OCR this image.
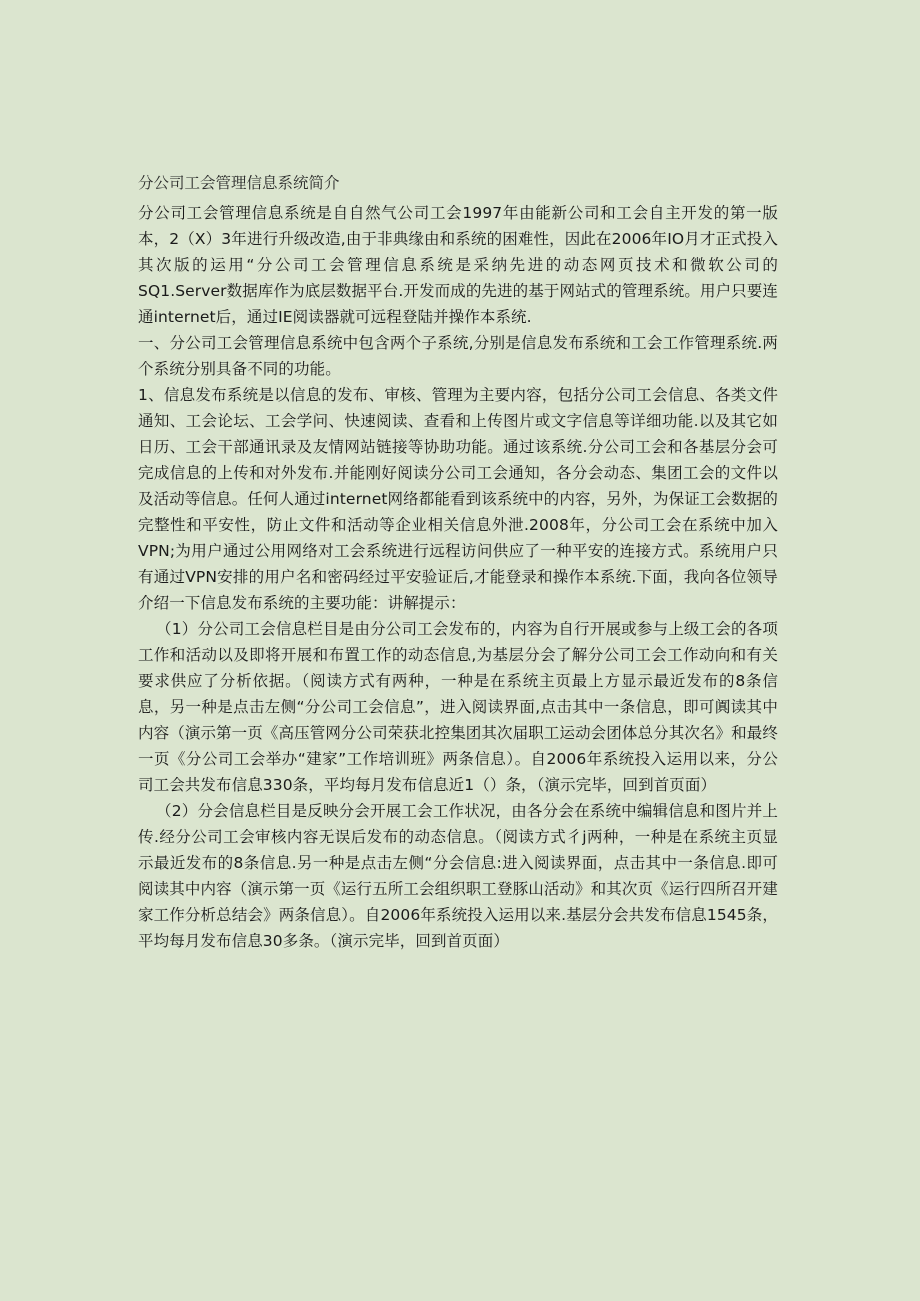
分公司工会管理信息系统简介

分公司工会管理信息系统是自自然气公司工会1997年由能新公司和工会自主开发的第一版本，2（X）3年进行升级改造,由于非典缘由和系统的困难性，因此在2006年IO月才正式投入其次版的运用“分公司工会管理信息系统是采纳先进的动态网页技术和微软公司的SQ1.Server数据库作为底层数据平台.开发而成的先进的基于网站式的管理系统。用户只要连通internet后，通过IE阅读器就可远程登陆并操作本系统.

一、分公司工会管理信息系统中包含两个子系统,分别是信息发布系统和工会工作管理系统.两个系统分别具备不同的功能。

1、信息发布系统是以信息的发布、审核、管理为主要内容，包括分公司工会信息、各类文件通知、工会论坛、工会学问、快速阅读、查看和上传图片或文字信息等详细功能.以及其它如日历、工会干部通讯录及友情网站链接等协助功能。通过该系统.分公司工会和各基层分会可完成信息的上传和对外发布.并能刚好阅读分公司工会通知，各分会动态、集团工会的文件以及活动等信息。任何人通过internet网络都能看到该系统中的内容，另外，为保证工会数据的完整性和平安性，防止文件和活动等企业相关信息外泄.2008年，分公司工会在系统中加入VPN;为用户通过公用网络对工会系统进行远程访问供应了一种平安的连接方式。系统用户只有通过VPN安排的用户名和密码经过平安验证后,才能登录和操作本系统.下面，我向各位领导介绍一下信息发布系统的主要功能：讲解提示：

（1）分公司工会信息栏目是由分公司工会发布的，内容为自行开展或参与上级工会的各项工作和活动以及即将开展和布置工作的动态信息,为基层分会了解分公司工会工作动向和有关要求供应了分析依据。（阅读方式有两种，一种是在系统主页最上方显示最近发布的8条信息，另一种是点击左侧“分公司工会信息”，进入阅读界面,点击其中一条信息，即可阗读其中内容（演示第一页《高压管网分公司荣获北控集团其次届职工运动会团体总分其次名》和最终一页《分公司工会举办“建家”工作培训班》两条信息）。自2006年系统投入运用以来，分公司工会共发布信息330条，平均每月发布信息近1（）条，（演示完毕，回到首页面）

（2）分会信息栏目是反映分会开展工会工作状况，由各分会在系统中编辑信息和图片并上传.经分公司工会审核内容无误后发布的动态信息。（阅读方式彳j两种，一种是在系统主页显示最近发布的8条信息.另一种是点击左侧“分会信息:进入阅读界面，点击其中一条信息.即可阅读其中内容（演示第一页《运行五所工会组织职工登豚山活动》和其次页《运行四所召开建家工作分析总结会》两条信息）。自2006年系统投入运用以来.基层分会共发布信息1545条，平均每月发布信息30多条。（演示完毕，回到首页面）
